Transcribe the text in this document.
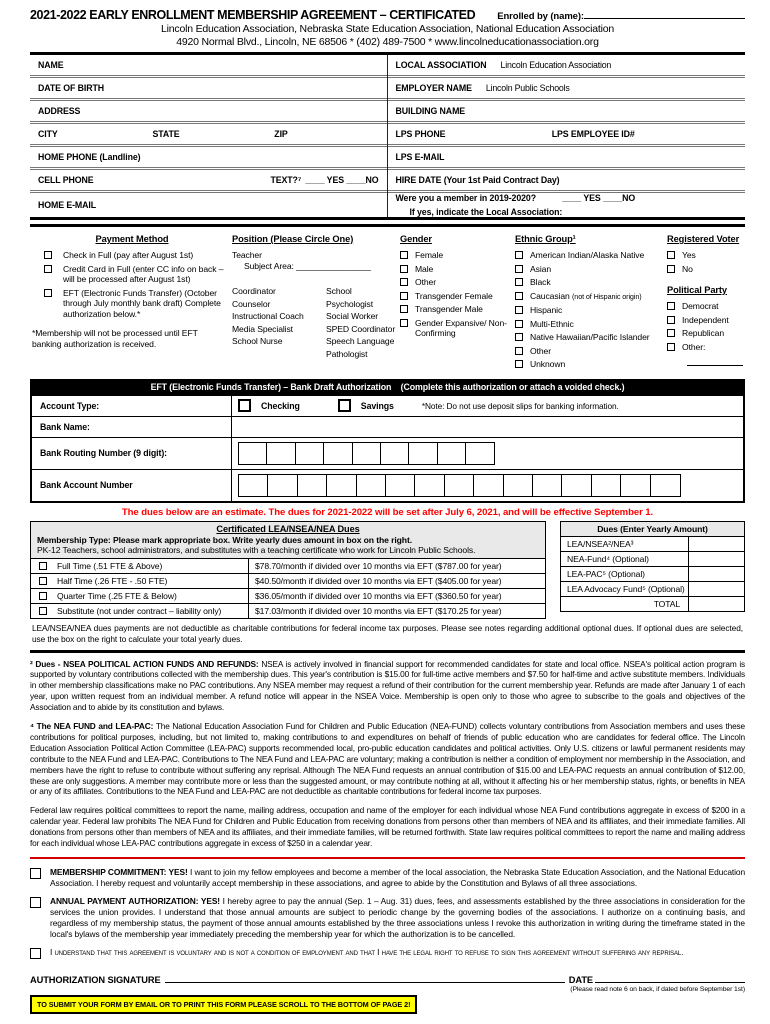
2021-2022 EARLY ENROLLMENT MEMBERSHIP AGREEMENT – CERTIFICATED Enrolled by (name):
Lincoln Education Association, Nebraska State Education Association, National Education Association
4920 Normal Blvd., Lincoln, NE 68506 * (402) 489-7500 * www.lincolneducationassociation.org
NAME
DATE OF BIRTH
ADDRESS
CITY	STATE	ZIP
HOME PHONE (Landline)
CELL PHONE	TEXT?⁷ ____ YES ____NO
HOME E-MAIL
LOCAL ASSOCIATION Lincoln Education Association
EMPLOYER NAME Lincoln Public Schools
BUILDING NAME
LPS PHONE	LPS EMPLOYEE ID#
LPS E-MAIL
HIRE DATE (Your 1st Paid Contract Day)
Were you a member in 2019-2020?	____ YES ____NO
If yes, indicate the Local Association:
Payment Method
Check in Full (pay after August 1st)
Credit Card in Full (enter CC info on back – will be processed after August 1st)
EFT (Electronic Funds Transfer) (October through July monthly bank draft) Complete authorization below.*
*Membership will not be processed until EFT banking authorization is received.
Position (Please Circle One)
Teacher
Subject Area: ________________
Coordinator
Counselor
Instructional Coach
Media Specialist
School Nurse
School Psychologist
Social Worker
SPED Coordinator
Speech Language Pathologist
Gender
Female
Male
Other
Transgender Female
Transgender Male
Gender Expansive/ Non-Confirming
Ethnic Group¹
American Indian/Alaska Native
Asian
Black
Caucasian (not of Hispanic origin)
Hispanic
Multi-Ethnic
Native Hawaiian/Pacific Islander
Other
Unknown
Registered Voter
Yes
No
Political Party
Democrat
Independent
Republican
Other:
EFT (Electronic Funds Transfer) – Bank Draft Authorization (Complete this authorization or attach a voided check.)
Account Type:	Checking	Savings	*Note: Do not use deposit slips for banking information.
Bank Name:
Bank Routing Number (9 digit):
Bank Account Number
The dues below are an estimate. The dues for 2021-2022 will be set after July 6, 2021, and will be effective September 1.
Certificated LEA/NSEA/NEA Dues
Membership Type: Please mark appropriate box. Write yearly dues amount in box on the right.
PK-12 Teachers, school administrators, and substitutes with a teaching certificate who work for Lincoln Public Schools.
Full Time (.51 FTE & Above)	$78.70/month if divided over 10 months via EFT ($787.00 for year)
Half Time (.26 FTE - .50 FTE)	$40.50/month if divided over 10 months via EFT ($405.00 for year)
Quarter Time (.25 FTE & Below)	$36.05/month if divided over 10 months via EFT ($360.50 for year)
Substitute (not under contract – liability only)	$17.03/month if divided over 10 months via EFT ($170.25 for year)
Dues (Enter Yearly Amount)
LEA/NSEA²/NEA³
NEA-Fund⁴ (Optional)
LEA-PAC⁵ (Optional)
LEA Advocacy Fund⁵ (Optional)
TOTAL
LEA/NSEA/NEA dues payments are not deductible as charitable contributions for federal income tax purposes. Please see notes regarding additional optional dues. If optional dues are selected, use the box on the right to calculate your total yearly dues.
² Dues - NSEA POLITICAL ACTION FUNDS AND REFUNDS: NSEA is actively involved in financial support for recommended candidates for state and local office. NSEA's political action program is supported by voluntary contributions collected with the membership dues. This year's contribution is $15.00 for full-time active members and $7.50 for half-time and active substitute members. Individuals in other membership classifications make no PAC contributions. Any NSEA member may request a refund of their contribution for the current membership year. Refunds are made after January 1 of each year, upon written request from an individual member. A refund notice will appear in the NSEA Voice. Membership is open only to those who agree to subscribe to the goals and objectives of the Association and to abide by its constitution and bylaws.
⁴ The NEA FUND and LEA-PAC: The National Education Association Fund for Children and Public Education (NEA-FUND) collects voluntary contributions from Association members and uses these contributions for political purposes, including, but not limited to, making contributions to and expenditures on behalf of friends of public education who are candidates for federal office. The Lincoln Education Association Political Action Committee (LEA-PAC) supports recommended local, pro-public education candidates and political activities. Only U.S. citizens or lawful permanent residents may contribute to the NEA Fund and LEA-PAC. Contributions to The NEA Fund and LEA-PAC are voluntary; making a contribution is neither a condition of employment nor membership in the Association, and members have the right to refuse to contribute without suffering any reprisal. Although The NEA Fund requests an annual contribution of $15.00 and LEA-PAC requests an annual contribution of $12.00, these are only suggestions. A member may contribute more or less than the suggested amount, or may contribute nothing at all, without it affecting his or her membership status, rights, or benefits in NEA or any of its affiliates. Contributions to the NEA Fund and LEA-PAC are not deductible as charitable contributions for federal income tax purposes.
Federal law requires political committees to report the name, mailing address, occupation and name of the employer for each individual whose NEA Fund contributions aggregate in excess of $200 in a calendar year. Federal law prohibits The NEA Fund for Children and Public Education from receiving donations from persons other than members of NEA and its affiliates, and their immediate families. All donations from persons other than members of NEA and its affiliates, and their immediate families, will be returned forthwith. State law requires political committees to report the name and mailing address for each individual whose LEA-PAC contributions aggregate in excess of $250 in a calendar year.
MEMBERSHIP COMMITMENT: YES! I want to join my fellow employees and become a member of the local association, the Nebraska State Education Association, and the National Education Association. I hereby request and voluntarily accept membership in these associations, and agree to abide by the Constitution and Bylaws of all three associations.
ANNUAL PAYMENT AUTHORIZATION: YES! I hereby agree to pay the annual (Sep. 1 – Aug. 31) dues, fees, and assessments established by the three associations in consideration for the services the union provides. I understand that those annual amounts are subject to periodic change by the governing bodies of the associations. I authorize on a continuing basis, and regardless of my membership status, the payment of those annual amounts established by the three associations unless I revoke this authorization in writing during the timeframe stated in the local's bylaws of the membership year immediately preceding the membership year for which the authorization is to be cancelled.
I understand that this agreement is voluntary and is not a condition of employment and that I have the legal right to refuse to sign this agreement without suffering any reprisal.
AUTHORIZATION SIGNATURE	DATE
(Please read note 6 on back, if dated before September 1st)
TO SUBMIT YOUR FORM BY EMAIL OR TO PRINT THIS FORM PLEASE SCROLL TO THE BOTTOM OF PAGE 2!
